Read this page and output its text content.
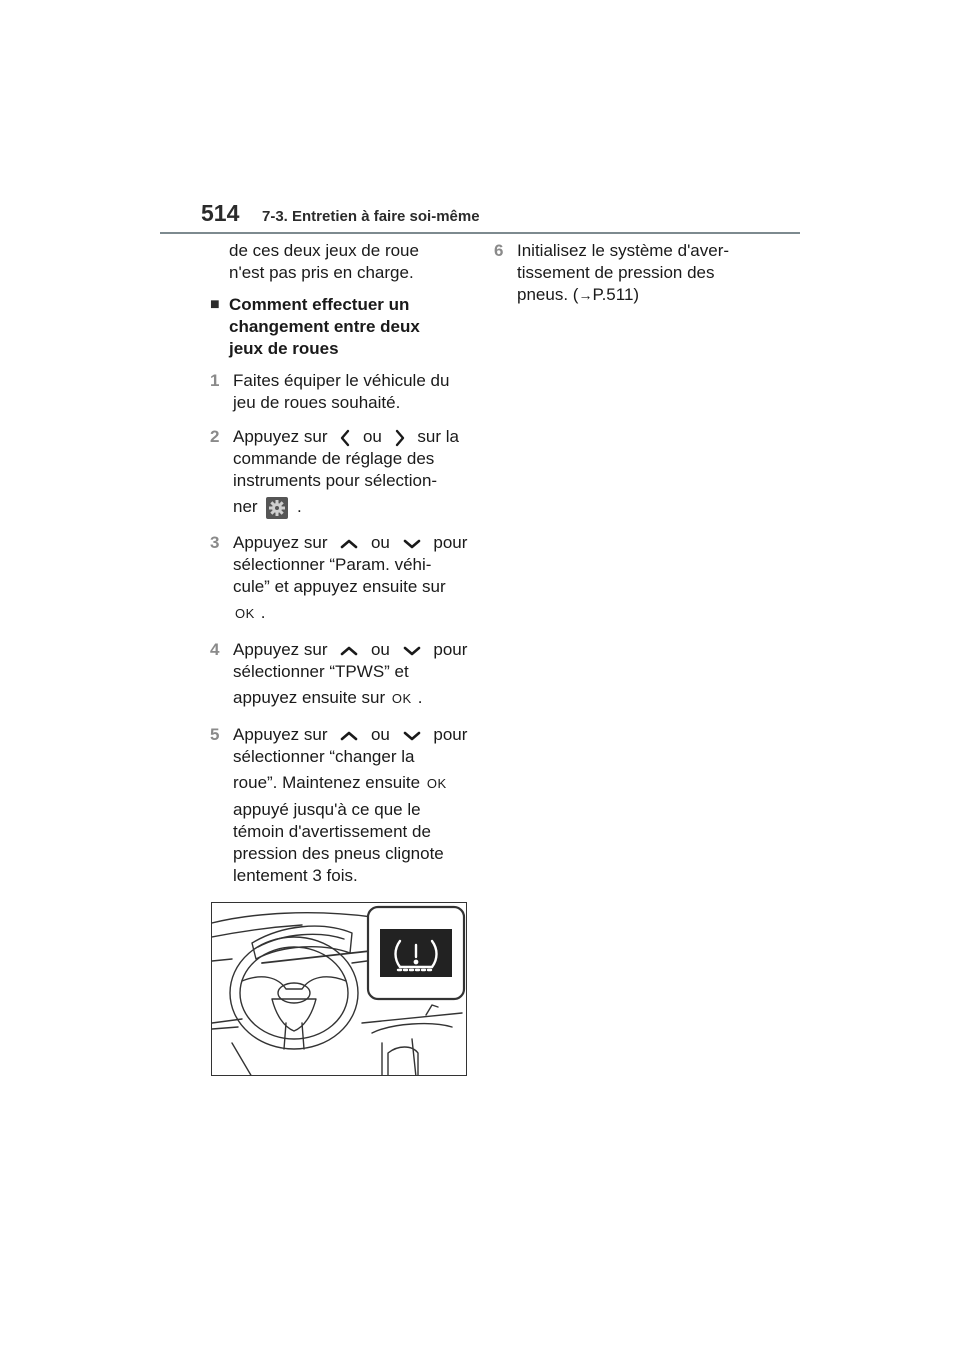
514 7-3. Entretien à faire soi-même

de ces deux jeux de roue

n'est pas pris en charge.

■ Comment effectuer un
changement entre deux
jeux de roues
1 Faites équiper le véhicule du

jeu de roues souhaité.

2 Appuyez sur ou sur la

commande de réglage des

instruments pour sélection-

ner .

3 Appuyez sur	ou	pour

sélectionner “Param. véhi-

cule” et appuyez ensuite sur

OK .

4 Appuyez sur	ou	pour

sélectionner “TPWS” et

appuyez ensuite sur OK .

5 Appuyez sur	ou	pour

sélectionner “changer la

roue”. Maintenez ensuite OK

appuyé jusqu'à ce que le

témoin d'avertissement de

pression des pneus clignote

lentement 3 fois.

6 Initialisez le système d'aver-

tissement de pression des

pneus. (→P.511)
